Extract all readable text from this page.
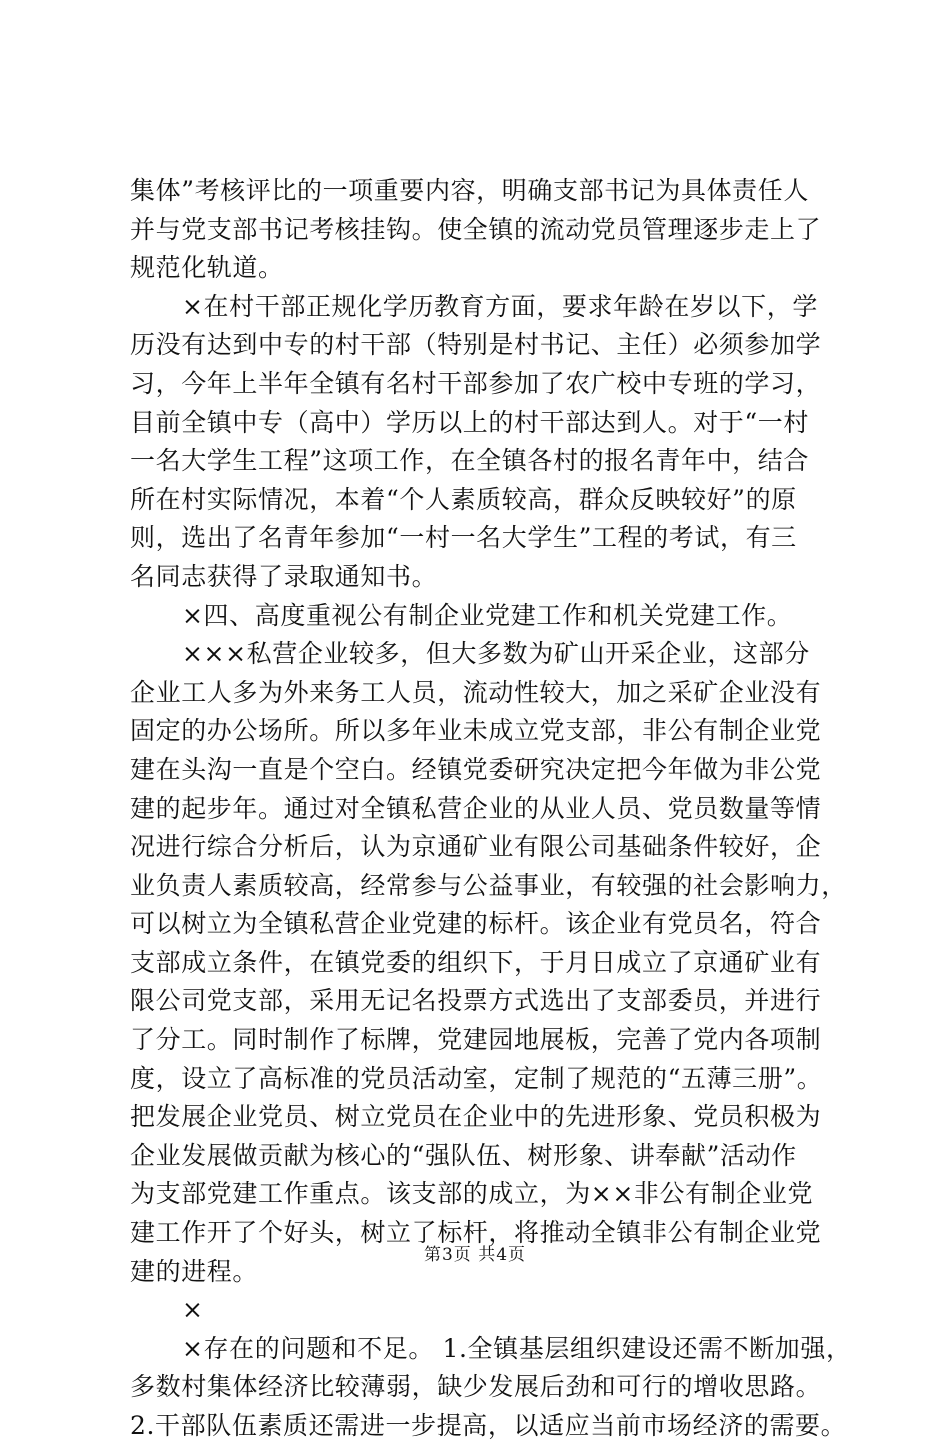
集体”考核评比的一项重要内容，明确支部书记为具体责任人
并与党支部书记考核挂钩。使全镇的流动党员管理逐步走上了
规范化轨道。
×在村干部正规化学历教育方面，要求年龄在岁以下，学
历没有达到中专的村干部（特别是村书记、主任）必须参加学
习，今年上半年全镇有名村干部参加了农广校中专班的学习，
目前全镇中专（高中）学历以上的村干部达到人。对于“一村
一名大学生工程”这项工作，在全镇各村的报名青年中，结合
所在村实际情况，本着“个人素质较高，群众反映较好”的原
则，选出了名青年参加“一村一名大学生”工程的考试，有三
名同志获得了录取通知书。
×四、高度重视公有制企业党建工作和机关党建工作。
×××私营企业较多，但大多数为矿山开采企业，这部分
企业工人多为外来务工人员，流动性较大，加之采矿企业没有
固定的办公场所。所以多年业未成立党支部，非公有制企业党
建在头沟一直是个空白。经镇党委研究决定把今年做为非公党
建的起步年。通过对全镇私营企业的从业人员、党员数量等情
况进行综合分析后，认为京通矿业有限公司基础条件较好，企
业负责人素质较高，经常参与公益事业，有较强的社会影响力，
可以树立为全镇私营企业党建的标杆。该企业有党员名，符合
支部成立条件，在镇党委的组织下，于月日成立了京通矿业有
限公司党支部，采用无记名投票方式选出了支部委员，并进行
了分工。同时制作了标牌，党建园地展板，完善了党内各项制
度，设立了高标准的党员活动室，定制了规范的“五薄三册”。
把发展企业党员、树立党员在企业中的先进形象、党员积极为
企业发展做贡献为核心的“强队伍、树形象、讲奉献”活动作
为支部党建工作重点。该支部的成立，为××非公有制企业党
建工作开了个好头，树立了标杆，将推动全镇非公有制企业党
建的进程。
×
×存在的问题和不足。 1.全镇基层组织建设还需不断加强，
多数村集体经济比较薄弱，缺少发展后劲和可行的增收思路。
2.干部队伍素质还需进一步提高，以适应当前市场经济的需要。
第3页 共4页
